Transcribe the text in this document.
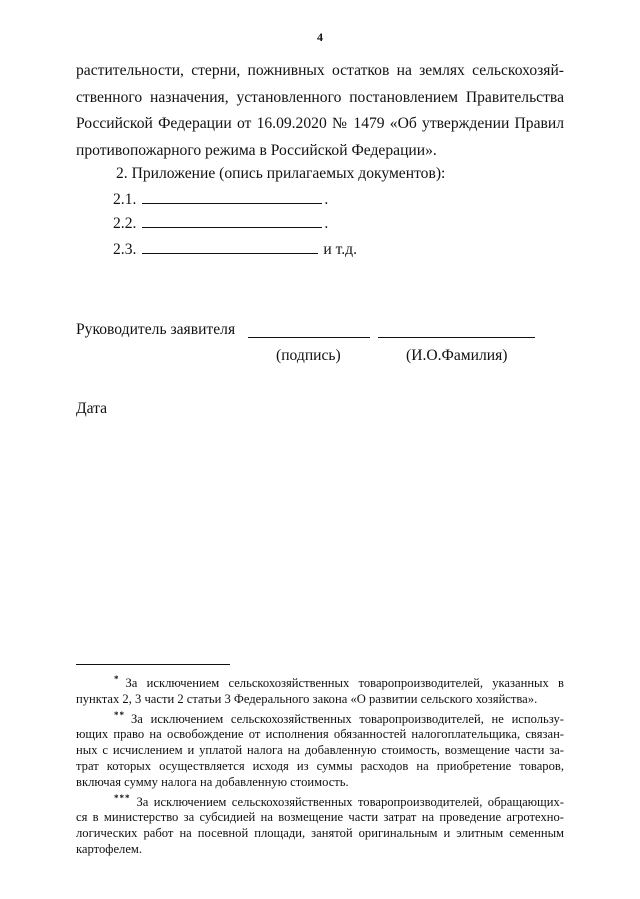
4
растительности, стерни, пожнивных остатков на землях сельскохозяй-
ственного назначения, установленного постановлением Правительства
Российской Федерации от 16.09.2020 № 1479 «Об утверждении Правил
противопожарного режима в Российской Федерации».
2. Приложение (опись прилагаемых документов):
2.1.	.
2.2.	.
2.3.	и т.д.
Руководитель заявителя
(подпись)	(И.О.Фамилия)
Дата
* За исключением сельскохозяйственных товаропроизводителей, указанных в
пунктах 2, 3 части 2 статьи 3 Федерального закона «О развитии сельского хозяйства».
** За исключением сельскохозяйственных товаропроизводителей, не использу-
ющих право на освобождение от исполнения обязанностей налогоплательщика, связан-
ных с исчислением и уплатой налога на добавленную стоимость, возмещение части за-
трат которых осуществляется исходя из суммы расходов на приобретение товаров,
включая сумму налога на добавленную стоимость.
*** За исключением сельскохозяйственных товаропроизводителей, обращающих-
ся в министерство за субсидией на возмещение части затрат на проведение агротехно-
логических работ на посевной площади, занятой оригинальным и элитным семенным
картофелем.
